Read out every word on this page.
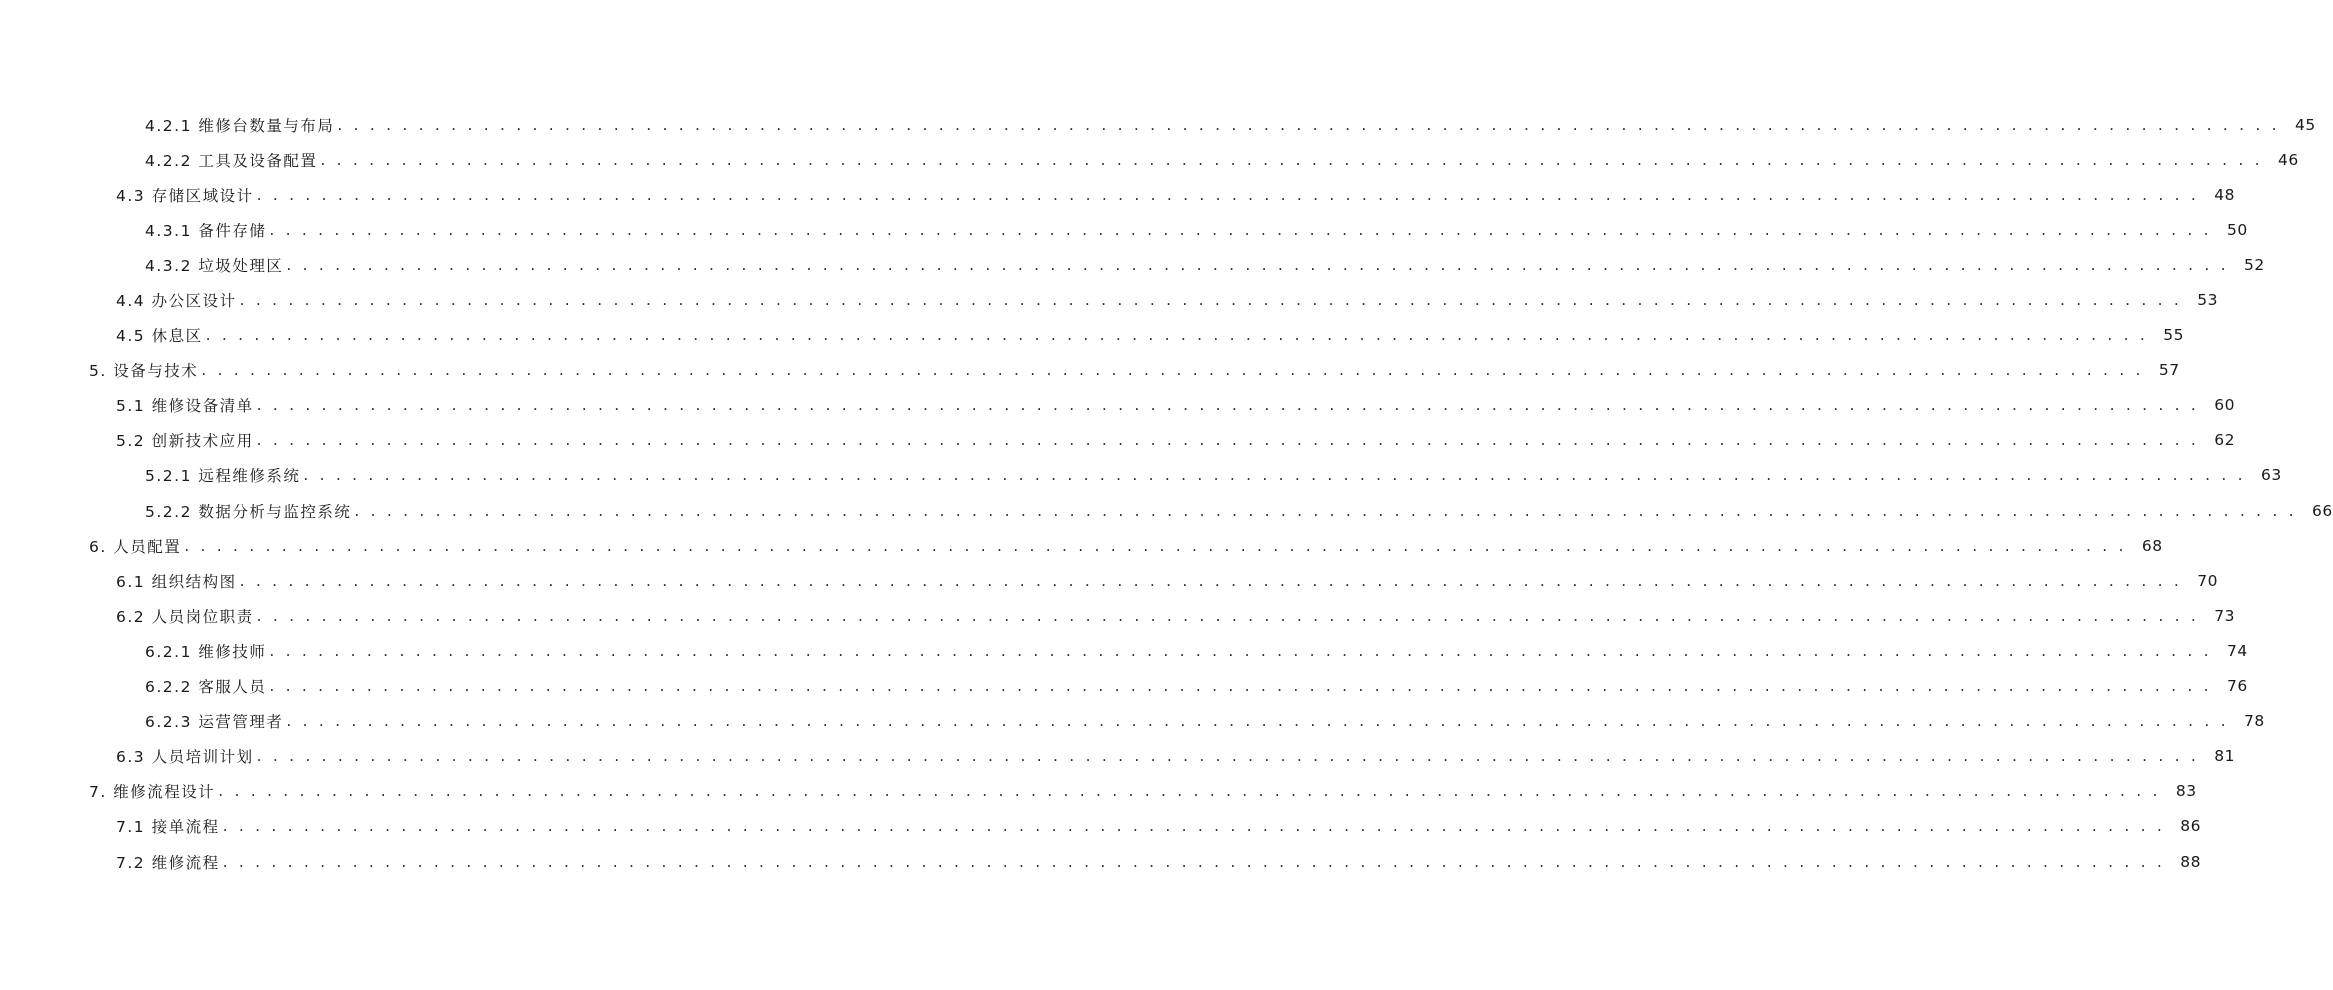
4.2.1 维修台数量与布局 . . . . . . . . . . . . . . . . . . . . . . . . . . . . . . . . . . . . . . . . . . . . . . . . . . . . . . . . . . . . . . . . . . . . . . . . . . . . . . . . . . . . . . . . . . . . . . . . . . . . . . . . . . . . . . . . . . . . . . . . 45
4.2.2 工具及设备配置 . . . . . . . . . . . . . . . . . . . . . . . . . . . . . . . . . . . . . . . . . . . . . . . . . . . . . . . . . . . . . . . . . . . . . . . . . . . . . . . . . . . . . . . . . . . . . . . . . . . . . . . . . . . . . . . . . . . . . . . . 46
4.3 存储区域设计 . . . . . . . . . . . . . . . . . . . . . . . . . . . . . . . . . . . . . . . . . . . . . . . . . . . . . . . . . . . . . . . . . . . . . . . . . . . . . . . . . . . . . . . . . . . . . . . . . . . . . . . . . . . . . . . . . . . . . . . . 48
4.3.1 备件存储 . . . . . . . . . . . . . . . . . . . . . . . . . . . . . . . . . . . . . . . . . . . . . . . . . . . . . . . . . . . . . . . . . . . . . . . . . . . . . . . . . . . . . . . . . . . . . . . . . . . . . . . . . . . . . . . . . . . . . . . . 50
4.3.2 垃圾处理区 . . . . . . . . . . . . . . . . . . . . . . . . . . . . . . . . . . . . . . . . . . . . . . . . . . . . . . . . . . . . . . . . . . . . . . . . . . . . . . . . . . . . . . . . . . . . . . . . . . . . . . . . . . . . . . . . . . . . . . . . 52
4.4 办公区设计 . . . . . . . . . . . . . . . . . . . . . . . . . . . . . . . . . . . . . . . . . . . . . . . . . . . . . . . . . . . . . . . . . . . . . . . . . . . . . . . . . . . . . . . . . . . . . . . . . . . . . . . . . . . . . . . . . . . . . . . . 53
4.5 休息区 . . . . . . . . . . . . . . . . . . . . . . . . . . . . . . . . . . . . . . . . . . . . . . . . . . . . . . . . . . . . . . . . . . . . . . . . . . . . . . . . . . . . . . . . . . . . . . . . . . . . . . . . . . . . . . . . . . . . . . . . 55
5. 设备与技术 . . . . . . . . . . . . . . . . . . . . . . . . . . . . . . . . . . . . . . . . . . . . . . . . . . . . . . . . . . . . . . . . . . . . . . . . . . . . . . . . . . . . . . . . . . . . . . . . . . . . . . . . . . . . . . . . . . . . . . . . 57
5.1 维修设备清单 . . . . . . . . . . . . . . . . . . . . . . . . . . . . . . . . . . . . . . . . . . . . . . . . . . . . . . . . . . . . . . . . . . . . . . . . . . . . . . . . . . . . . . . . . . . . . . . . . . . . . . . . . . . . . . . . . . . . . . . . 60
5.2 创新技术应用 . . . . . . . . . . . . . . . . . . . . . . . . . . . . . . . . . . . . . . . . . . . . . . . . . . . . . . . . . . . . . . . . . . . . . . . . . . . . . . . . . . . . . . . . . . . . . . . . . . . . . . . . . . . . . . . . . . . . . . . . 62
5.2.1 远程维修系统 . . . . . . . . . . . . . . . . . . . . . . . . . . . . . . . . . . . . . . . . . . . . . . . . . . . . . . . . . . . . . . . . . . . . . . . . . . . . . . . . . . . . . . . . . . . . . . . . . . . . . . . . . . . . . . . . . . . . . . . . 63
5.2.2 数据分析与监控系统 . . . . . . . . . . . . . . . . . . . . . . . . . . . . . . . . . . . . . . . . . . . . . . . . . . . . . . . . . . . . . . . . . . . . . . . . . . . . . . . . . . . . . . . . . . . . . . . . . . . . . . . . . . . . . . . . . . . . . . . . 66
6. 人员配置 . . . . . . . . . . . . . . . . . . . . . . . . . . . . . . . . . . . . . . . . . . . . . . . . . . . . . . . . . . . . . . . . . . . . . . . . . . . . . . . . . . . . . . . . . . . . . . . . . . . . . . . . . . . . . . . . . . . . . . . . 68
6.1 组织结构图 . . . . . . . . . . . . . . . . . . . . . . . . . . . . . . . . . . . . . . . . . . . . . . . . . . . . . . . . . . . . . . . . . . . . . . . . . . . . . . . . . . . . . . . . . . . . . . . . . . . . . . . . . . . . . . . . . . . . . . . . 70
6.2 人员岗位职责 . . . . . . . . . . . . . . . . . . . . . . . . . . . . . . . . . . . . . . . . . . . . . . . . . . . . . . . . . . . . . . . . . . . . . . . . . . . . . . . . . . . . . . . . . . . . . . . . . . . . . . . . . . . . . . . . . . . . . . . . 73
6.2.1 维修技师 . . . . . . . . . . . . . . . . . . . . . . . . . . . . . . . . . . . . . . . . . . . . . . . . . . . . . . . . . . . . . . . . . . . . . . . . . . . . . . . . . . . . . . . . . . . . . . . . . . . . . . . . . . . . . . . . . . . . . . . . 74
6.2.2 客服人员 . . . . . . . . . . . . . . . . . . . . . . . . . . . . . . . . . . . . . . . . . . . . . . . . . . . . . . . . . . . . . . . . . . . . . . . . . . . . . . . . . . . . . . . . . . . . . . . . . . . . . . . . . . . . . . . . . . . . . . . . 76
6.2.3 运营管理者 . . . . . . . . . . . . . . . . . . . . . . . . . . . . . . . . . . . . . . . . . . . . . . . . . . . . . . . . . . . . . . . . . . . . . . . . . . . . . . . . . . . . . . . . . . . . . . . . . . . . . . . . . . . . . . . . . . . . . . . . 78
6.3 人员培训计划 . . . . . . . . . . . . . . . . . . . . . . . . . . . . . . . . . . . . . . . . . . . . . . . . . . . . . . . . . . . . . . . . . . . . . . . . . . . . . . . . . . . . . . . . . . . . . . . . . . . . . . . . . . . . . . . . . . . . . . . . 81
7. 维修流程设计 . . . . . . . . . . . . . . . . . . . . . . . . . . . . . . . . . . . . . . . . . . . . . . . . . . . . . . . . . . . . . . . . . . . . . . . . . . . . . . . . . . . . . . . . . . . . . . . . . . . . . . . . . . . . . . . . . . . . . . . . 83
7.1 接单流程 . . . . . . . . . . . . . . . . . . . . . . . . . . . . . . . . . . . . . . . . . . . . . . . . . . . . . . . . . . . . . . . . . . . . . . . . . . . . . . . . . . . . . . . . . . . . . . . . . . . . . . . . . . . . . . . . . . . . . . . . 86
7.2 维修流程 . . . . . . . . . . . . . . . . . . . . . . . . . . . . . . . . . . . . . . . . . . . . . . . . . . . . . . . . . . . . . . . . . . . . . . . . . . . . . . . . . . . . . . . . . . . . . . . . . . . . . . . . . . . . . . . . . . . . . . . . 88
